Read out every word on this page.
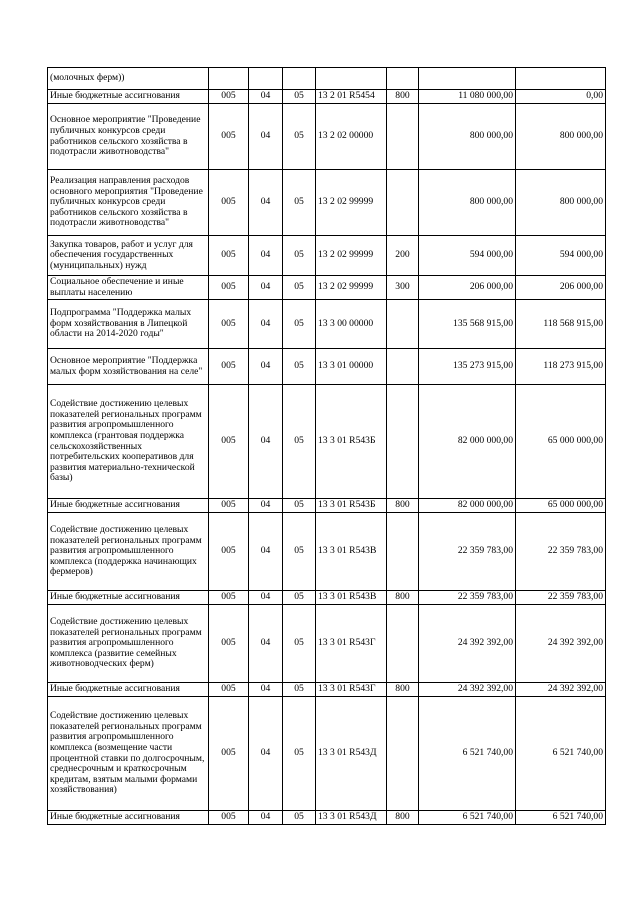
(молочных ферм))							
Иные бюджетные ассигнования	005	04	05	13 2 01 R5454	800	11 080 000,00	0,00
Основное мероприятие "Проведение публичных конкурсов среди работников сельского хозяйства в подотрасли животноводства"	005	04	05	13 2 02 00000		800 000,00	800 000,00
Реализация направления расходов основного мероприятия "Проведение публичных конкурсов среди работников сельского хозяйства в подотрасли животноводства"	005	04	05	13 2 02 99999		800 000,00	800 000,00
Закупка товаров, работ и услуг для обеспечения государственных (муниципальных) нужд	005	04	05	13 2 02 99999	200	594 000,00	594 000,00
Социальное обеспечение и иные выплаты населению	005	04	05	13 2 02 99999	300	206 000,00	206 000,00
Подпрограмма "Поддержка малых форм хозяйствования в Липецкой области на 2014-2020 годы"	005	04	05	13 3 00 00000		135 568 915,00	118 568 915,00
Основное мероприятие "Поддержка малых форм хозяйствования на селе"	005	04	05	13 3 01 00000		135 273 915,00	118 273 915,00
Содействие достижению целевых показателей региональных программ развития агропромышленного комплекса (грантовая поддержка сельскохозяйственных потребительских кооперативов для развития материально-технической базы)	005	04	05	13 3 01 R543Б		82 000 000,00	65 000 000,00
Иные бюджетные ассигнования	005	04	05	13 3 01 R543Б	800	82 000 000,00	65 000 000,00
Содействие достижению целевых показателей региональных программ развития агропромышленного комплекса (поддержка начинающих фермеров)	005	04	05	13 3 01 R543В		22 359 783,00	22 359 783,00
Иные бюджетные ассигнования	005	04	05	13 3 01 R543В	800	22 359 783,00	22 359 783,00
Содействие достижению целевых показателей региональных программ развития агропромышленного комплекса (развитие семейных животноводческих ферм)	005	04	05	13 3 01 R543Г		24 392 392,00	24 392 392,00
Иные бюджетные ассигнования	005	04	05	13 3 01 R543Г	800	24 392 392,00	24 392 392,00
Содействие достижению целевых показателей региональных программ развития агропромышленного комплекса (возмещение части процентной ставки по долгосрочным, среднесрочным и краткосрочным кредитам, взятым малыми формами хозяйствования)	005	04	05	13 3 01 R543Д		6 521 740,00	6 521 740,00
Иные бюджетные ассигнования	005	04	05	13 3 01 R543Д	800	6 521 740,00	6 521 740,00
